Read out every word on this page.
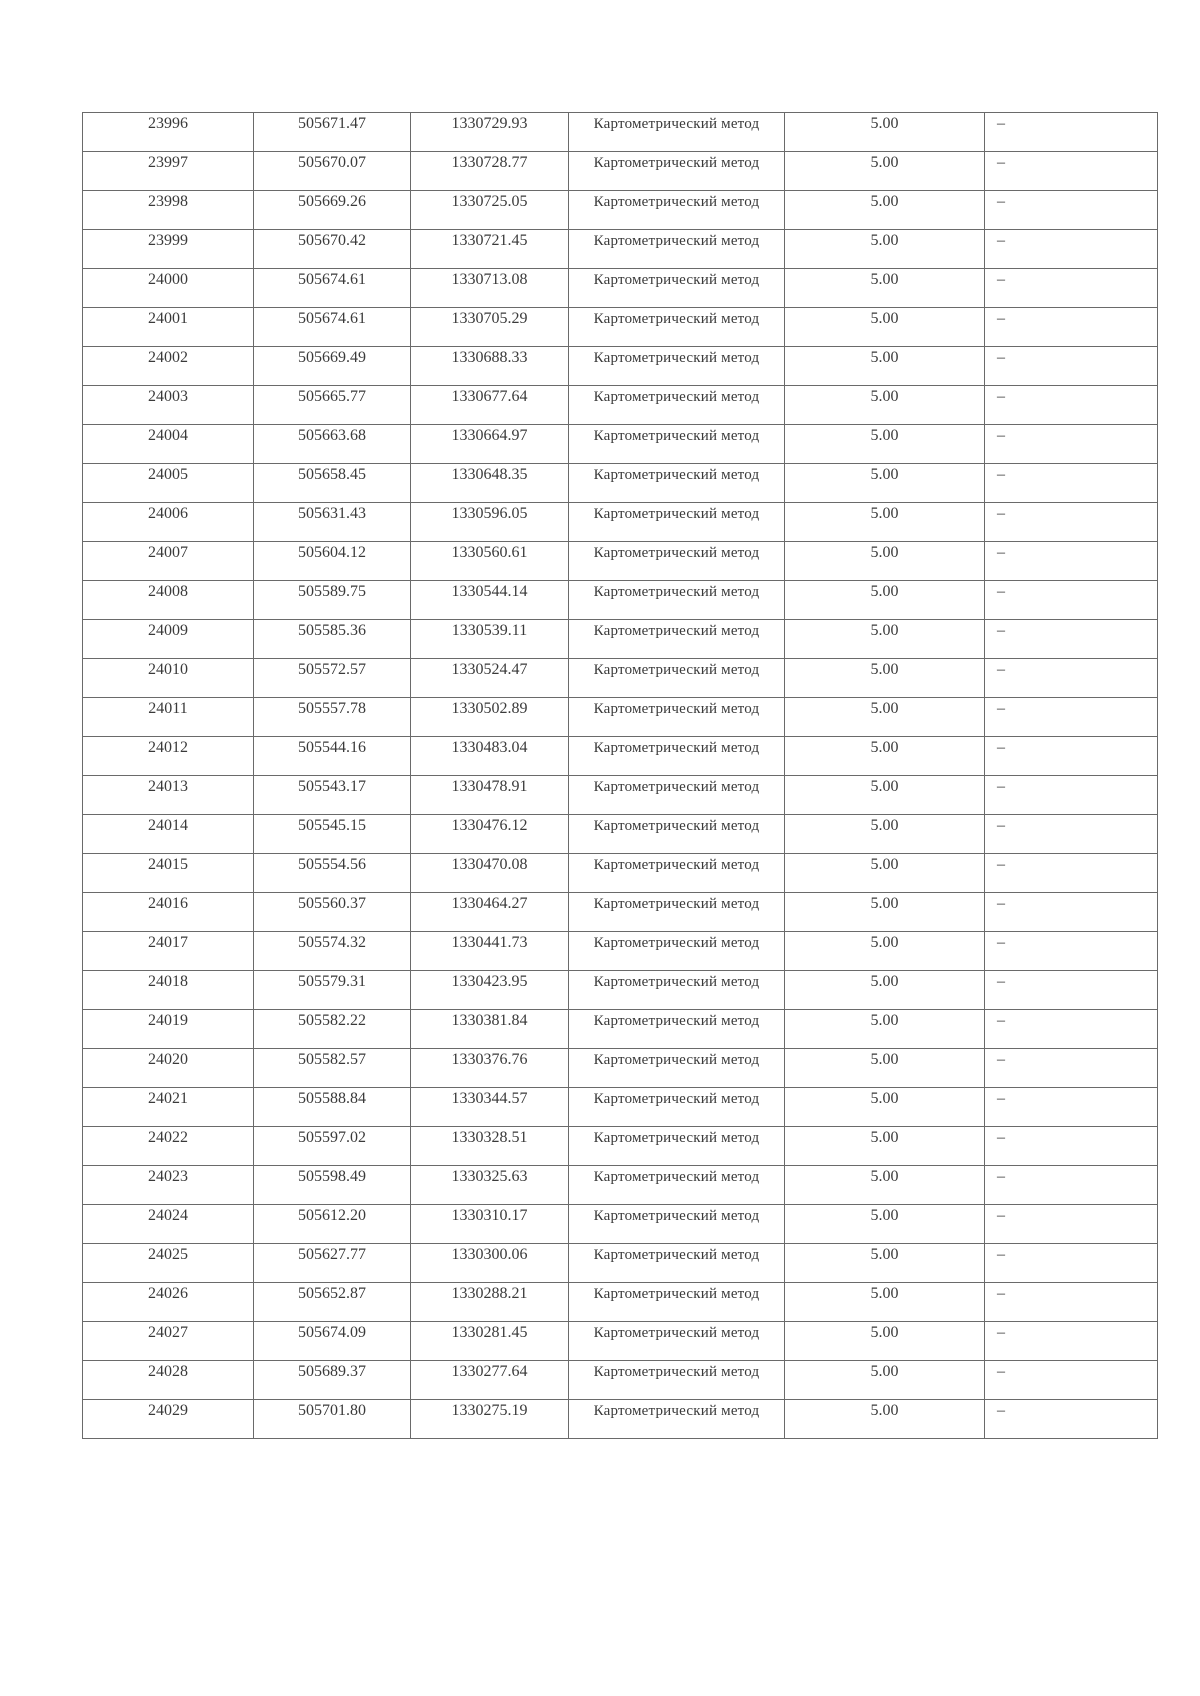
23996	505671.47	1330729.93	Картометрический метод	5.00	–
23997	505670.07	1330728.77	Картометрический метод	5.00	–
23998	505669.26	1330725.05	Картометрический метод	5.00	–
23999	505670.42	1330721.45	Картометрический метод	5.00	–
24000	505674.61	1330713.08	Картометрический метод	5.00	–
24001	505674.61	1330705.29	Картометрический метод	5.00	–
24002	505669.49	1330688.33	Картометрический метод	5.00	–
24003	505665.77	1330677.64	Картометрический метод	5.00	–
24004	505663.68	1330664.97	Картометрический метод	5.00	–
24005	505658.45	1330648.35	Картометрический метод	5.00	–
24006	505631.43	1330596.05	Картометрический метод	5.00	–
24007	505604.12	1330560.61	Картометрический метод	5.00	–
24008	505589.75	1330544.14	Картометрический метод	5.00	–
24009	505585.36	1330539.11	Картометрический метод	5.00	–
24010	505572.57	1330524.47	Картометрический метод	5.00	–
24011	505557.78	1330502.89	Картометрический метод	5.00	–
24012	505544.16	1330483.04	Картометрический метод	5.00	–
24013	505543.17	1330478.91	Картометрический метод	5.00	–
24014	505545.15	1330476.12	Картометрический метод	5.00	–
24015	505554.56	1330470.08	Картометрический метод	5.00	–
24016	505560.37	1330464.27	Картометрический метод	5.00	–
24017	505574.32	1330441.73	Картометрический метод	5.00	–
24018	505579.31	1330423.95	Картометрический метод	5.00	–
24019	505582.22	1330381.84	Картометрический метод	5.00	–
24020	505582.57	1330376.76	Картометрический метод	5.00	–
24021	505588.84	1330344.57	Картометрический метод	5.00	–
24022	505597.02	1330328.51	Картометрический метод	5.00	–
24023	505598.49	1330325.63	Картометрический метод	5.00	–
24024	505612.20	1330310.17	Картометрический метод	5.00	–
24025	505627.77	1330300.06	Картометрический метод	5.00	–
24026	505652.87	1330288.21	Картометрический метод	5.00	–
24027	505674.09	1330281.45	Картометрический метод	5.00	–
24028	505689.37	1330277.64	Картометрический метод	5.00	–
24029	505701.80	1330275.19	Картометрический метод	5.00	–
